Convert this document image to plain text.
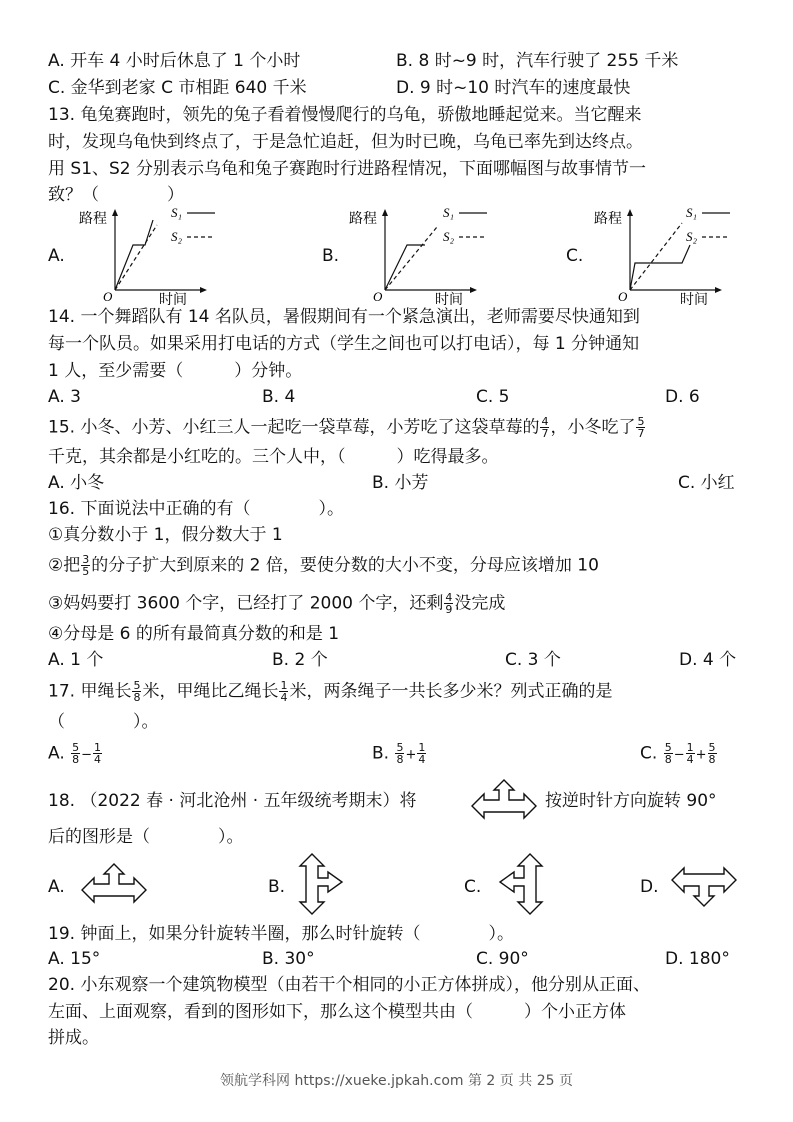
A. 开车 4 小时后休息了 1 个小时	B. 8 时~9 时，汽车行驶了 255 千米
C. 金华到老家 C 市相距 640 千米	D. 9 时~10 时汽车的速度最快
13. 龟兔赛跑时，领先的兔子看着慢慢爬行的乌龟，骄傲地睡起觉来。当它醒来
时，发现乌龟快到终点了，于是急忙追赶，但为时已晚，乌龟已率先到达终点。
用 S1、S2 分别表示乌龟和兔子赛跑时行进路程情况，下面哪幅图与故事情节一
致？（　　　　）
A.	B.	C.
路程
O	时间
S₁
S₂
路程
O	时间
S₁
S₂
路程
O	时间
S₁
S₂
14. 一个舞蹈队有 14 名队员，暑假期间有一个紧急演出，老师需要尽快通知到
每一个队员。如果采用打电话的方式（学生之间也可以打电话），每 1 分钟通知
1 人，至少需要（　　　）分钟。
A. 3	B. 4	C. 5	D. 6
15. 小冬、小芳、小红三人一起吃一袋草莓，小芳吃了这袋草莓的 $\frac{4}{7}$ ，小冬吃了 $\frac{5}{7}$
千克，其余都是小红吃的。三个人中，（　　　）吃得最多。
A. 小冬	B. 小芳	C. 小红
16. 下面说法中正确的有（　　　　）。
①真分数小于 1，假分数大于 1
②把 $\frac{3}{5}$ 的分子扩大到原来的 2 倍，要使分数的大小不变，分母应该增加 10
③妈妈要打 3600 个字，已经打了 2000 个字，还剩 $\frac{4}{9}$ 没完成
④分母是 6 的所有最简真分数的和是 1
A. 1 个	B. 2 个	C. 3 个	D. 4 个
17. 甲绳长 $\frac{5}{8}$ 米，甲绳比乙绳长 $\frac{1}{4}$ 米，两条绳子一共长多少米？列式正确的是
（　　　　）。
A. $\frac{5}{8} - \frac{1}{4}$	B. $\frac{5}{8} + \frac{1}{4}$	C. $\frac{5}{8} - \frac{1}{4} + \frac{5}{8}$
18. （2022 春 · 河北沧州 · 五年级统考期末）将	按逆时针方向旋转 90°
后的图形是（　　　　）。
A.	B.	C.	D.
19. 钟面上，如果分针旋转半圈，那么时针旋转（　　　　）。
A. 15°	B. 30°	C. 90°	D. 180°
20. 小东观察一个建筑物模型（由若干个相同的小正方体拼成），他分别从正面、
左面、上面观察，看到的图形如下，那么这个模型共由（　　　）个小正方体
拼成。
领航学科网 https://xueke.jpkah.com 第 2 页 共 25 页
